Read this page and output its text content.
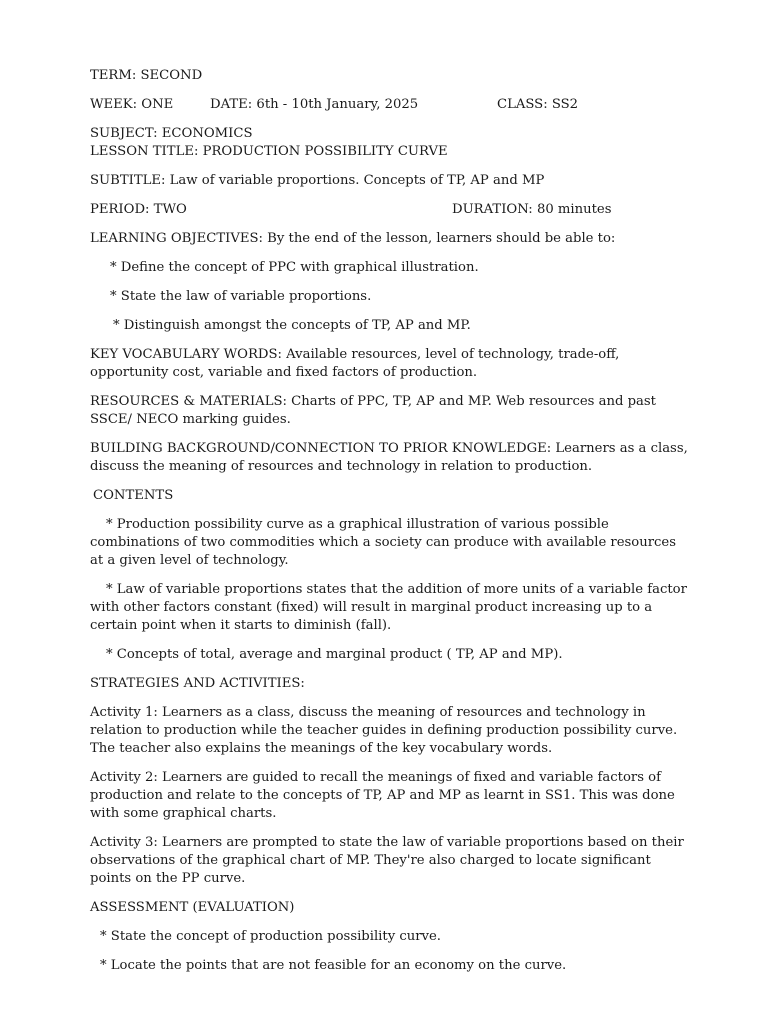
TERM: SECOND
WEEK: ONE	DATE: 6th - 10th January, 2025	CLASS: SS2
SUBJECT: ECONOMICS
LESSON TITLE: PRODUCTION POSSIBILITY CURVE
SUBTITLE: Law of variable proportions. Concepts of TP, AP and MP
PERIOD: TWO	DURATION: 80 minutes
LEARNING OBJECTIVES: By the end of the lesson, learners should be able to:
* Define the concept of PPC with graphical illustration.
* State the law of variable proportions.
* Distinguish amongst the concepts of TP, AP and MP.
KEY VOCABULARY WORDS: Available resources, level of technology, trade-off, opportunity cost, variable and fixed factors of production.
RESOURCES & MATERIALS: Charts of PPC, TP, AP and MP. Web resources and past SSCE/ NECO marking guides.
BUILDING BACKGROUND/CONNECTION TO PRIOR KNOWLEDGE: Learners as a class, discuss the meaning of resources and technology in relation to production.
CONTENTS
* Production possibility curve as a graphical illustration of various possible combinations of two commodities which a society can produce with available resources at a given level of technology.
* Law of variable proportions states that the addition of more units of a variable factor with other factors constant (fixed) will result in marginal product increasing up to a certain point when it starts to diminish (fall).
* Concepts of total, average and marginal product ( TP, AP and MP).
STRATEGIES AND ACTIVITIES:
Activity 1: Learners as a class, discuss the meaning of resources and technology in relation to production while the teacher guides in defining production possibility curve. The teacher also explains the meanings of the key vocabulary words.
Activity 2: Learners are guided to recall the meanings of fixed and variable factors of production and relate to the concepts of TP, AP and MP as learnt in SS1. This was done with some graphical charts.
Activity 3: Learners are prompted to state the law of variable proportions based on their observations of the graphical chart of MP. They're also charged to locate significant points on the PP curve.
ASSESSMENT (EVALUATION)
* State the concept of production possibility curve.
* Locate the points that are not feasible for an economy on the curve.
